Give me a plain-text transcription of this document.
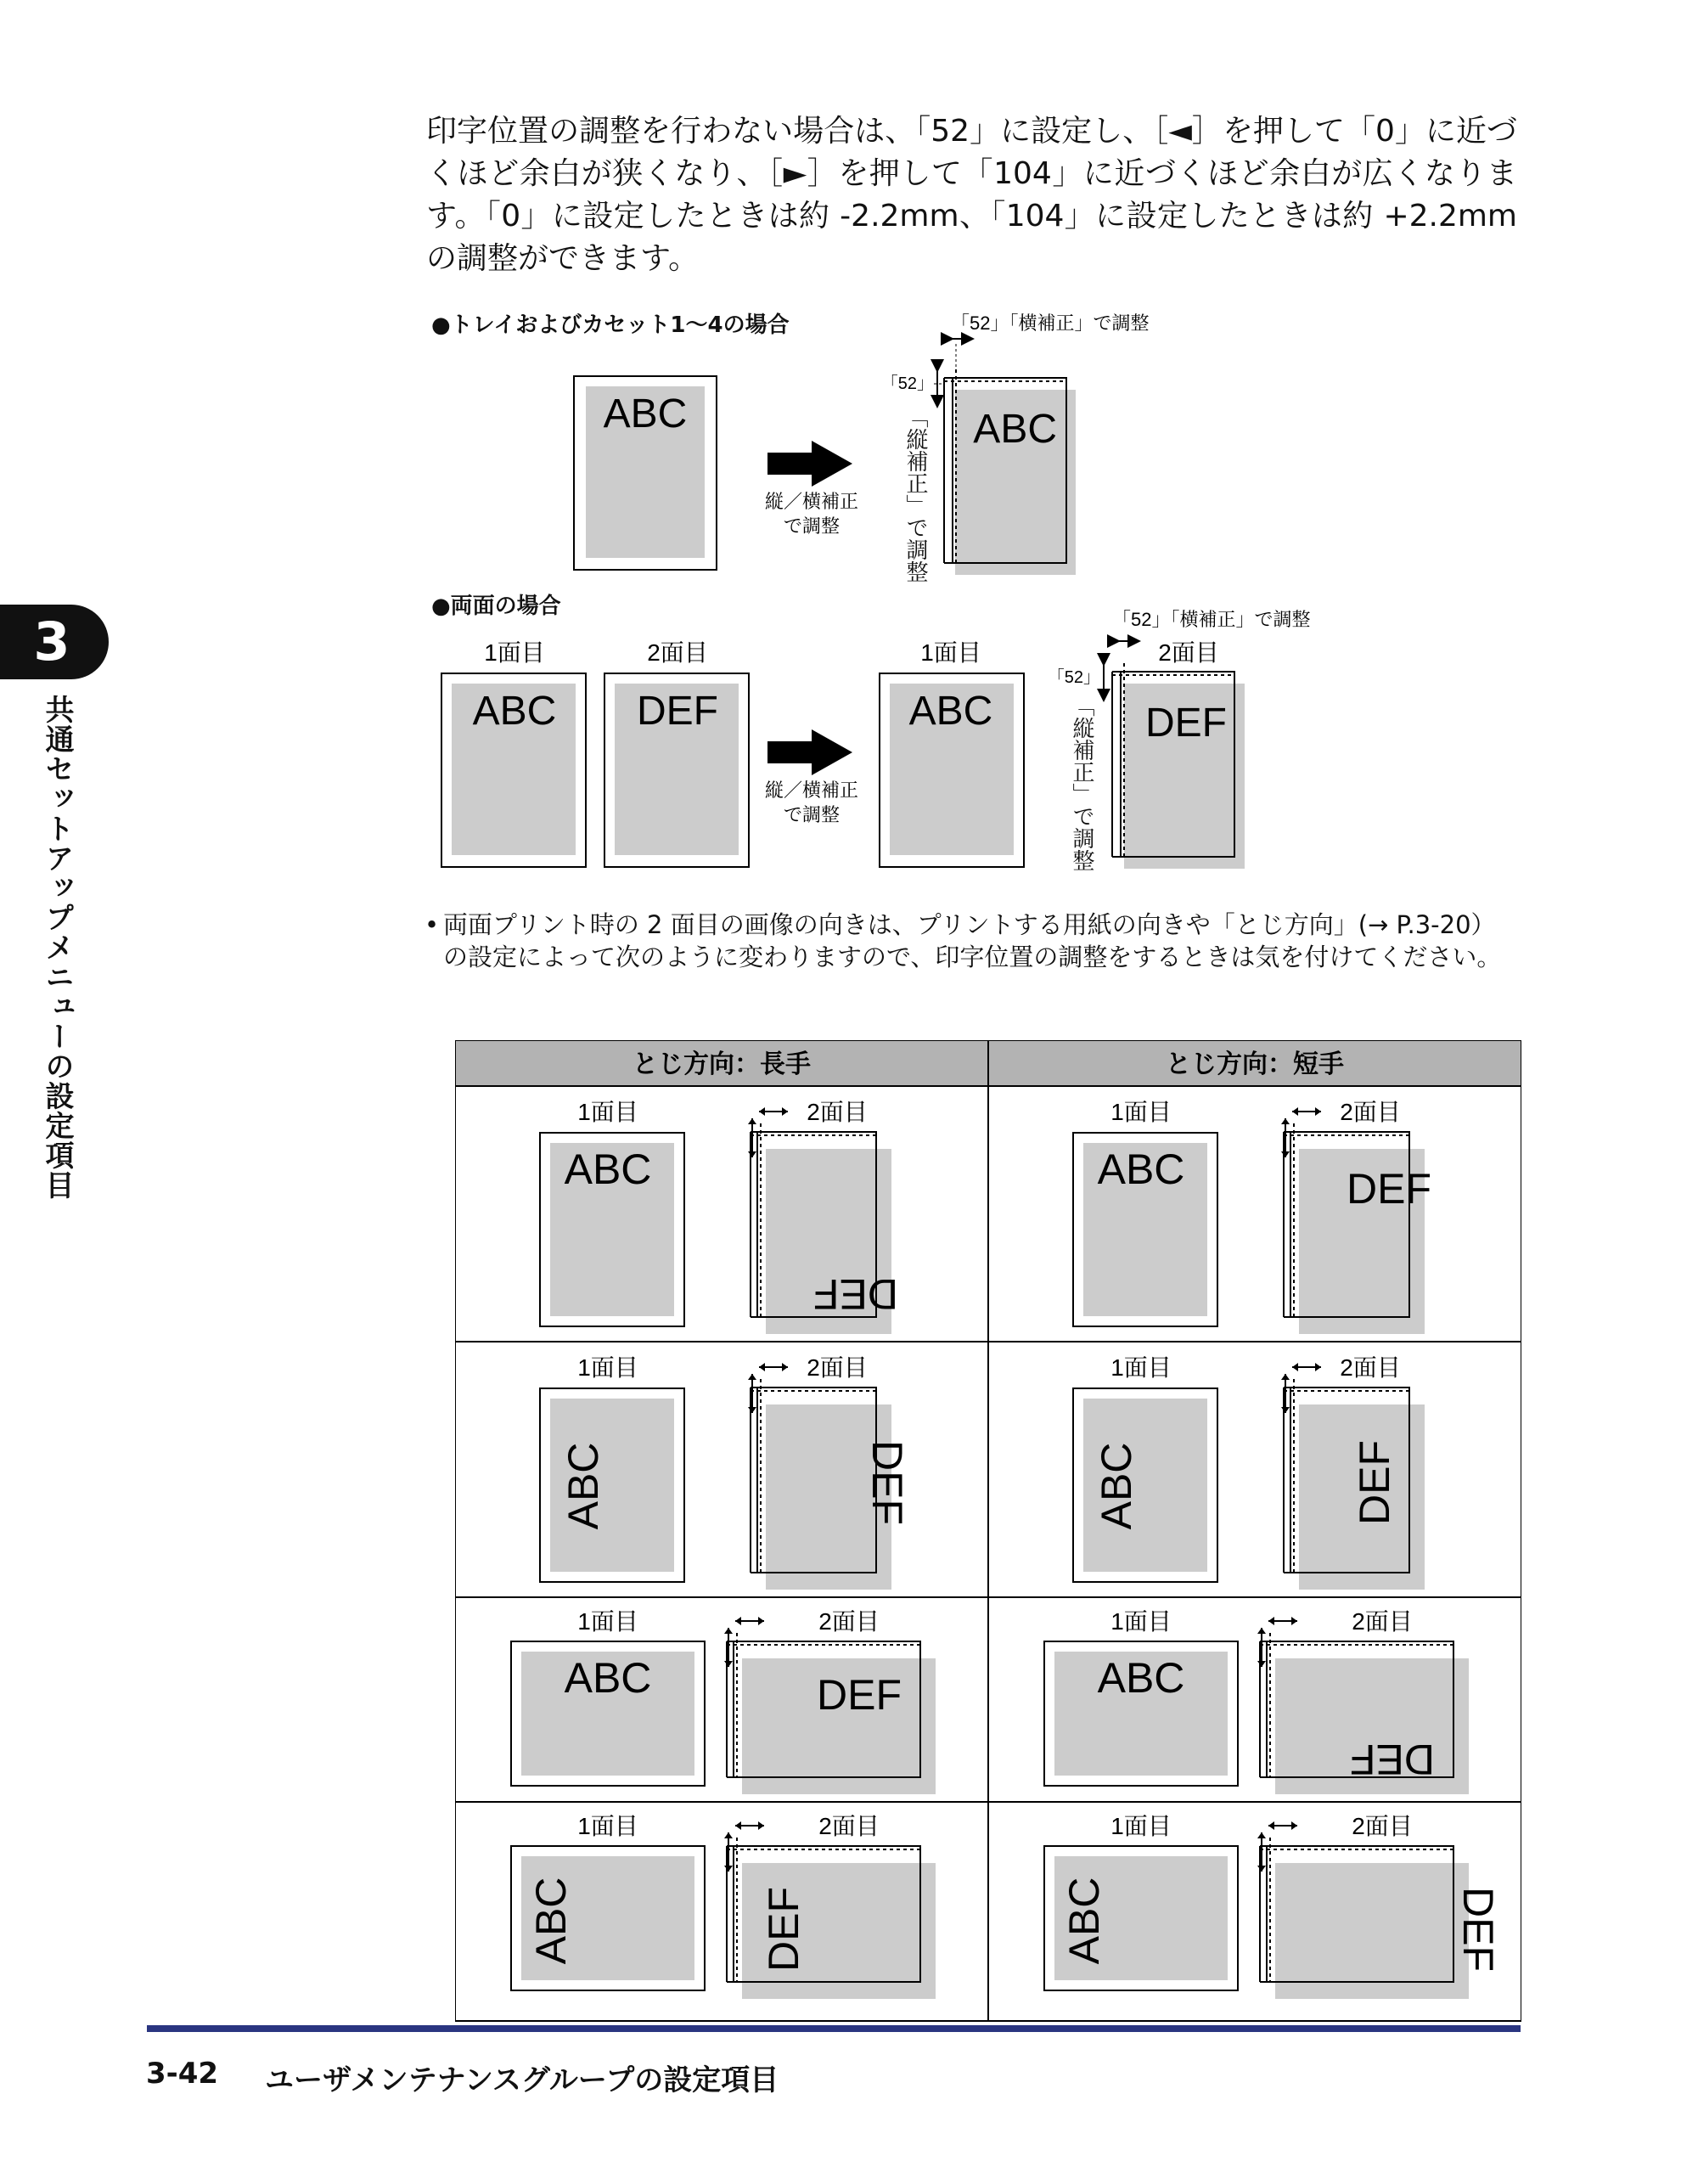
印字位置の調整を行わない場合は、「52」に設定し、［◄］を押して「0」に近づくほど余白が狭くなり、［►］を押して「104」に近づくほど余白が広くなります。「0」に設定したときは約 -2.2mm、「104」に設定したときは約 +2.2mm の調整ができます。
●トレイおよびカセット1～4の場合
ABC
縦／横補正
で調整
ABC
「52」「横補正」で調整
「52」
「縦補正」で調整
●両面の場合
1面目	2面目
ABC DEF
縦／横補正
で調整
1面目
ABC
2面目
DEF
「52」「横補正」で調整
「52」
「縦補正」で調整
• 両面プリント時の 2 面目の画像の向きは、プリントする用紙の向きや「とじ方向」(→ P.3-20）の設定によって次のように変わりますので、印字位置の調整をするときは気を付けてください。
とじ方向：長手	とじ方向：短手
1面目
ABC
2面目
DEF
1面目
ABC
2面目
DEF
1面目
ABC
2面目
DEF
1面目
ABC
2面目
DEF
1面目
ABC
2面目
DEF
1面目
ABC
2面目
DEF
1面目
ABC
2面目
DEF
1面目
ABC
2面目
DEF
3
共通セットアップメニューの設定項目
3-42 ユーザメンテナンスグループの設定項目
